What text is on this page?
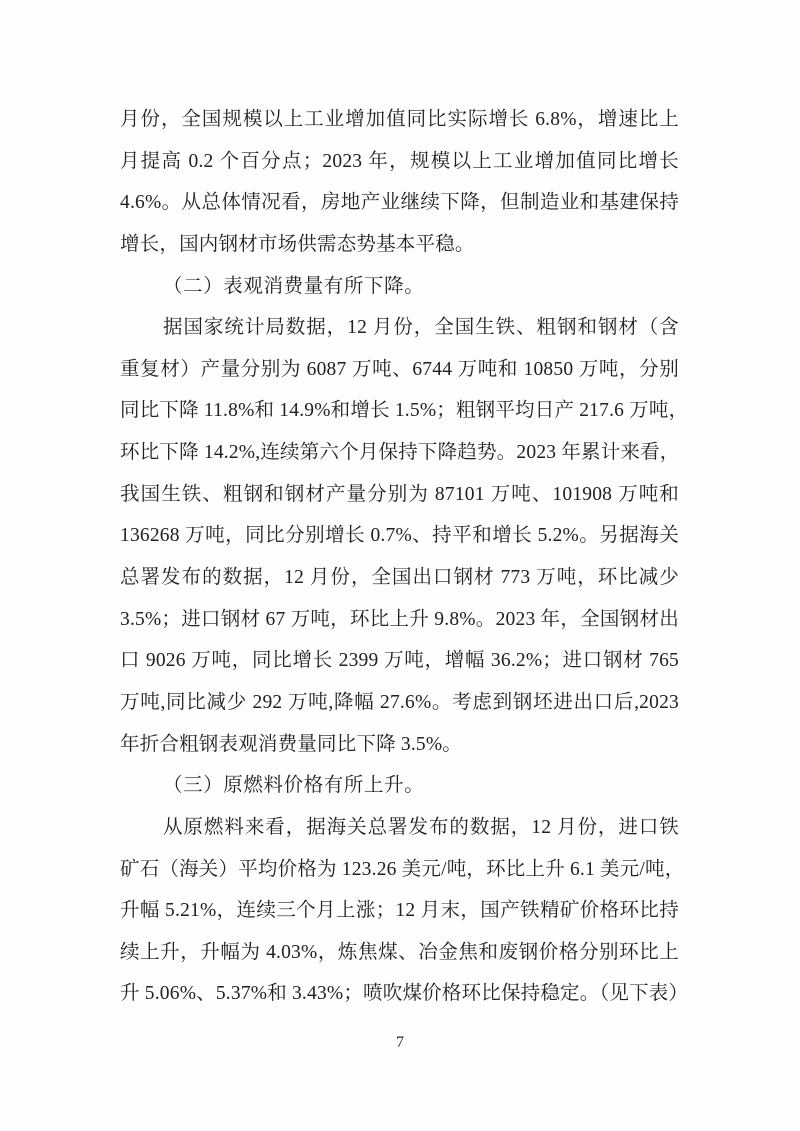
月份，全国规模以上工业增加值同比实际增长 6.8%，增速比上
月提高 0.2 个百分点；2023 年，规模以上工业增加值同比增长
4.6%。从总体情况看，房地产业继续下降，但制造业和基建保持
增长，国内钢材市场供需态势基本平稳。
（二）表观消费量有所下降。
据国家统计局数据，12 月份，全国生铁、粗钢和钢材（含
重复材）产量分别为 6087 万吨、6744 万吨和 10850 万吨，分别
同比下降 11.8%和 14.9%和增长 1.5%；粗钢平均日产 217.6 万吨，
环比下降 14.2%,连续第六个月保持下降趋势。2023 年累计来看，
我国生铁、粗钢和钢材产量分别为 87101 万吨、101908 万吨和
136268 万吨，同比分别增长 0.7%、持平和增长 5.2%。另据海关
总署发布的数据，12 月份，全国出口钢材 773 万吨，环比减少
3.5%；进口钢材 67 万吨，环比上升 9.8%。2023 年，全国钢材出
口 9026 万吨，同比增长 2399 万吨，增幅 36.2%；进口钢材 765
万吨,同比减少 292 万吨,降幅 27.6%。考虑到钢坯进出口后,2023
年折合粗钢表观消费量同比下降 3.5%。
（三）原燃料价格有所上升。
从原燃料来看，据海关总署发布的数据，12 月份，进口铁
矿石（海关）平均价格为 123.26 美元/吨，环比上升 6.1 美元/吨，
升幅 5.21%，连续三个月上涨；12 月末，国产铁精矿价格环比持
续上升，升幅为 4.03%，炼焦煤、冶金焦和废钢价格分别环比上
升 5.06%、5.37%和 3.43%；喷吹煤价格环比保持稳定。（见下表）
7
